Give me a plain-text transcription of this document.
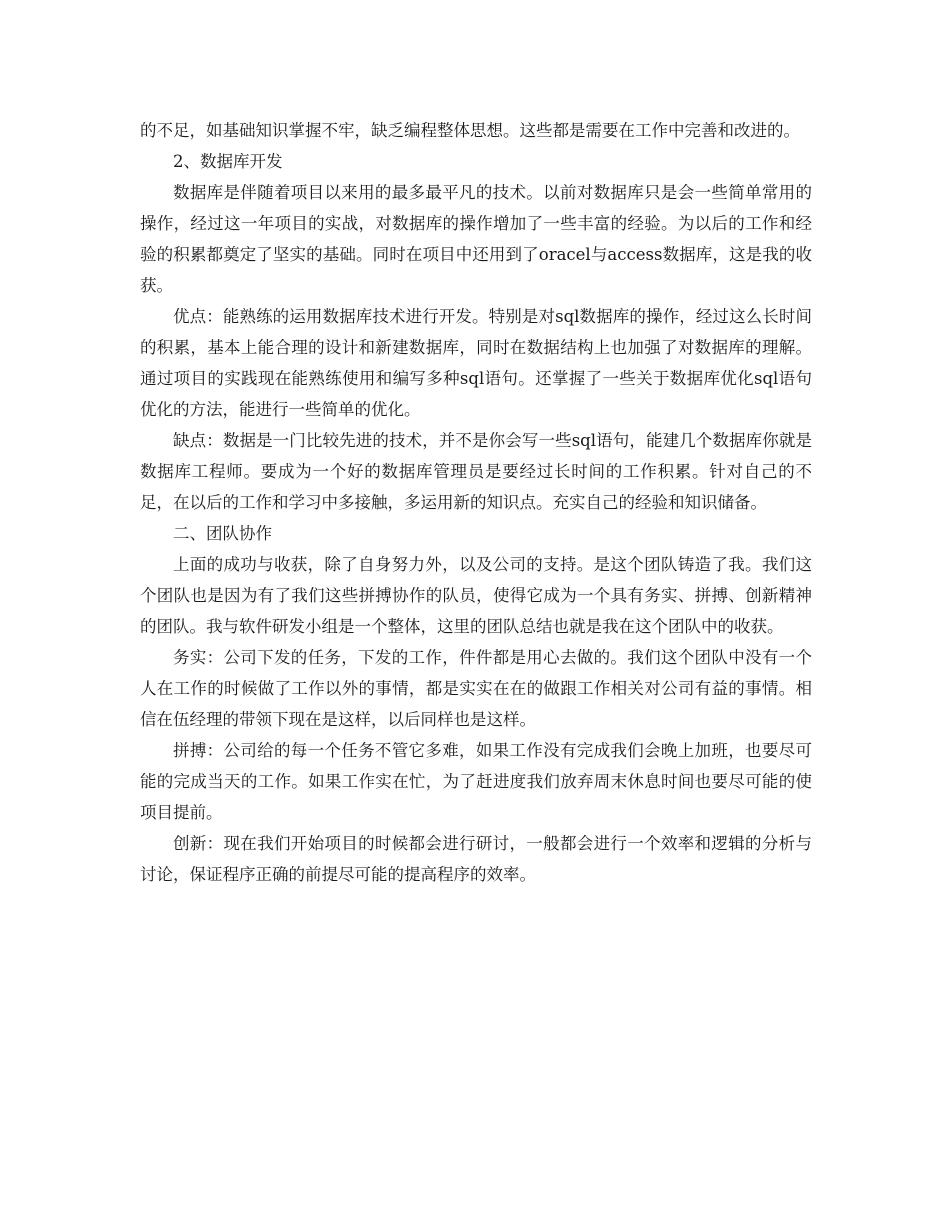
的不足，如基础知识掌握不牢，缺乏编程整体思想。这些都是需要在工作中完善和改进的。

2、数据库开发

数据库是伴随着项目以来用的最多最平凡的技术。以前对数据库只是会一些简单常用的操作，经过这一年项目的实战，对数据库的操作增加了一些丰富的经验。为以后的工作和经验的积累都奠定了坚实的基础。同时在项目中还用到了oracel与access数据库，这是我的收获。

优点：能熟练的运用数据库技术进行开发。特别是对sql数据库的操作，经过这么长时间的积累，基本上能合理的设计和新建数据库，同时在数据结构上也加强了对数据库的理解。通过项目的实践现在能熟练使用和编写多种sql语句。还掌握了一些关于数据库优化sql语句优化的方法，能进行一些简单的优化。

缺点：数据是一门比较先进的技术，并不是你会写一些sql语句，能建几个数据库你就是数据库工程师。要成为一个好的数据库管理员是要经过长时间的工作积累。针对自己的不足，在以后的工作和学习中多接触，多运用新的知识点。充实自己的经验和知识储备。

二、团队协作

上面的成功与收获，除了自身努力外，以及公司的支持。是这个团队铸造了我。我们这个团队也是因为有了我们这些拼搏协作的队员，使得它成为一个具有务实、拼搏、创新精神的团队。我与软件研发小组是一个整体，这里的团队总结也就是我在这个团队中的收获。

务实：公司下发的任务，下发的工作，件件都是用心去做的。我们这个团队中没有一个人在工作的时候做了工作以外的事情，都是实实在在的做跟工作相关对公司有益的事情。相信在伍经理的带领下现在是这样，以后同样也是这样。

拼搏：公司给的每一个任务不管它多难，如果工作没有完成我们会晚上加班，也要尽可能的完成当天的工作。如果工作实在忙，为了赶进度我们放弃周末休息时间也要尽可能的使项目提前。

创新：现在我们开始项目的时候都会进行研讨，一般都会进行一个效率和逻辑的分析与讨论，保证程序正确的前提尽可能的提高程序的效率。
